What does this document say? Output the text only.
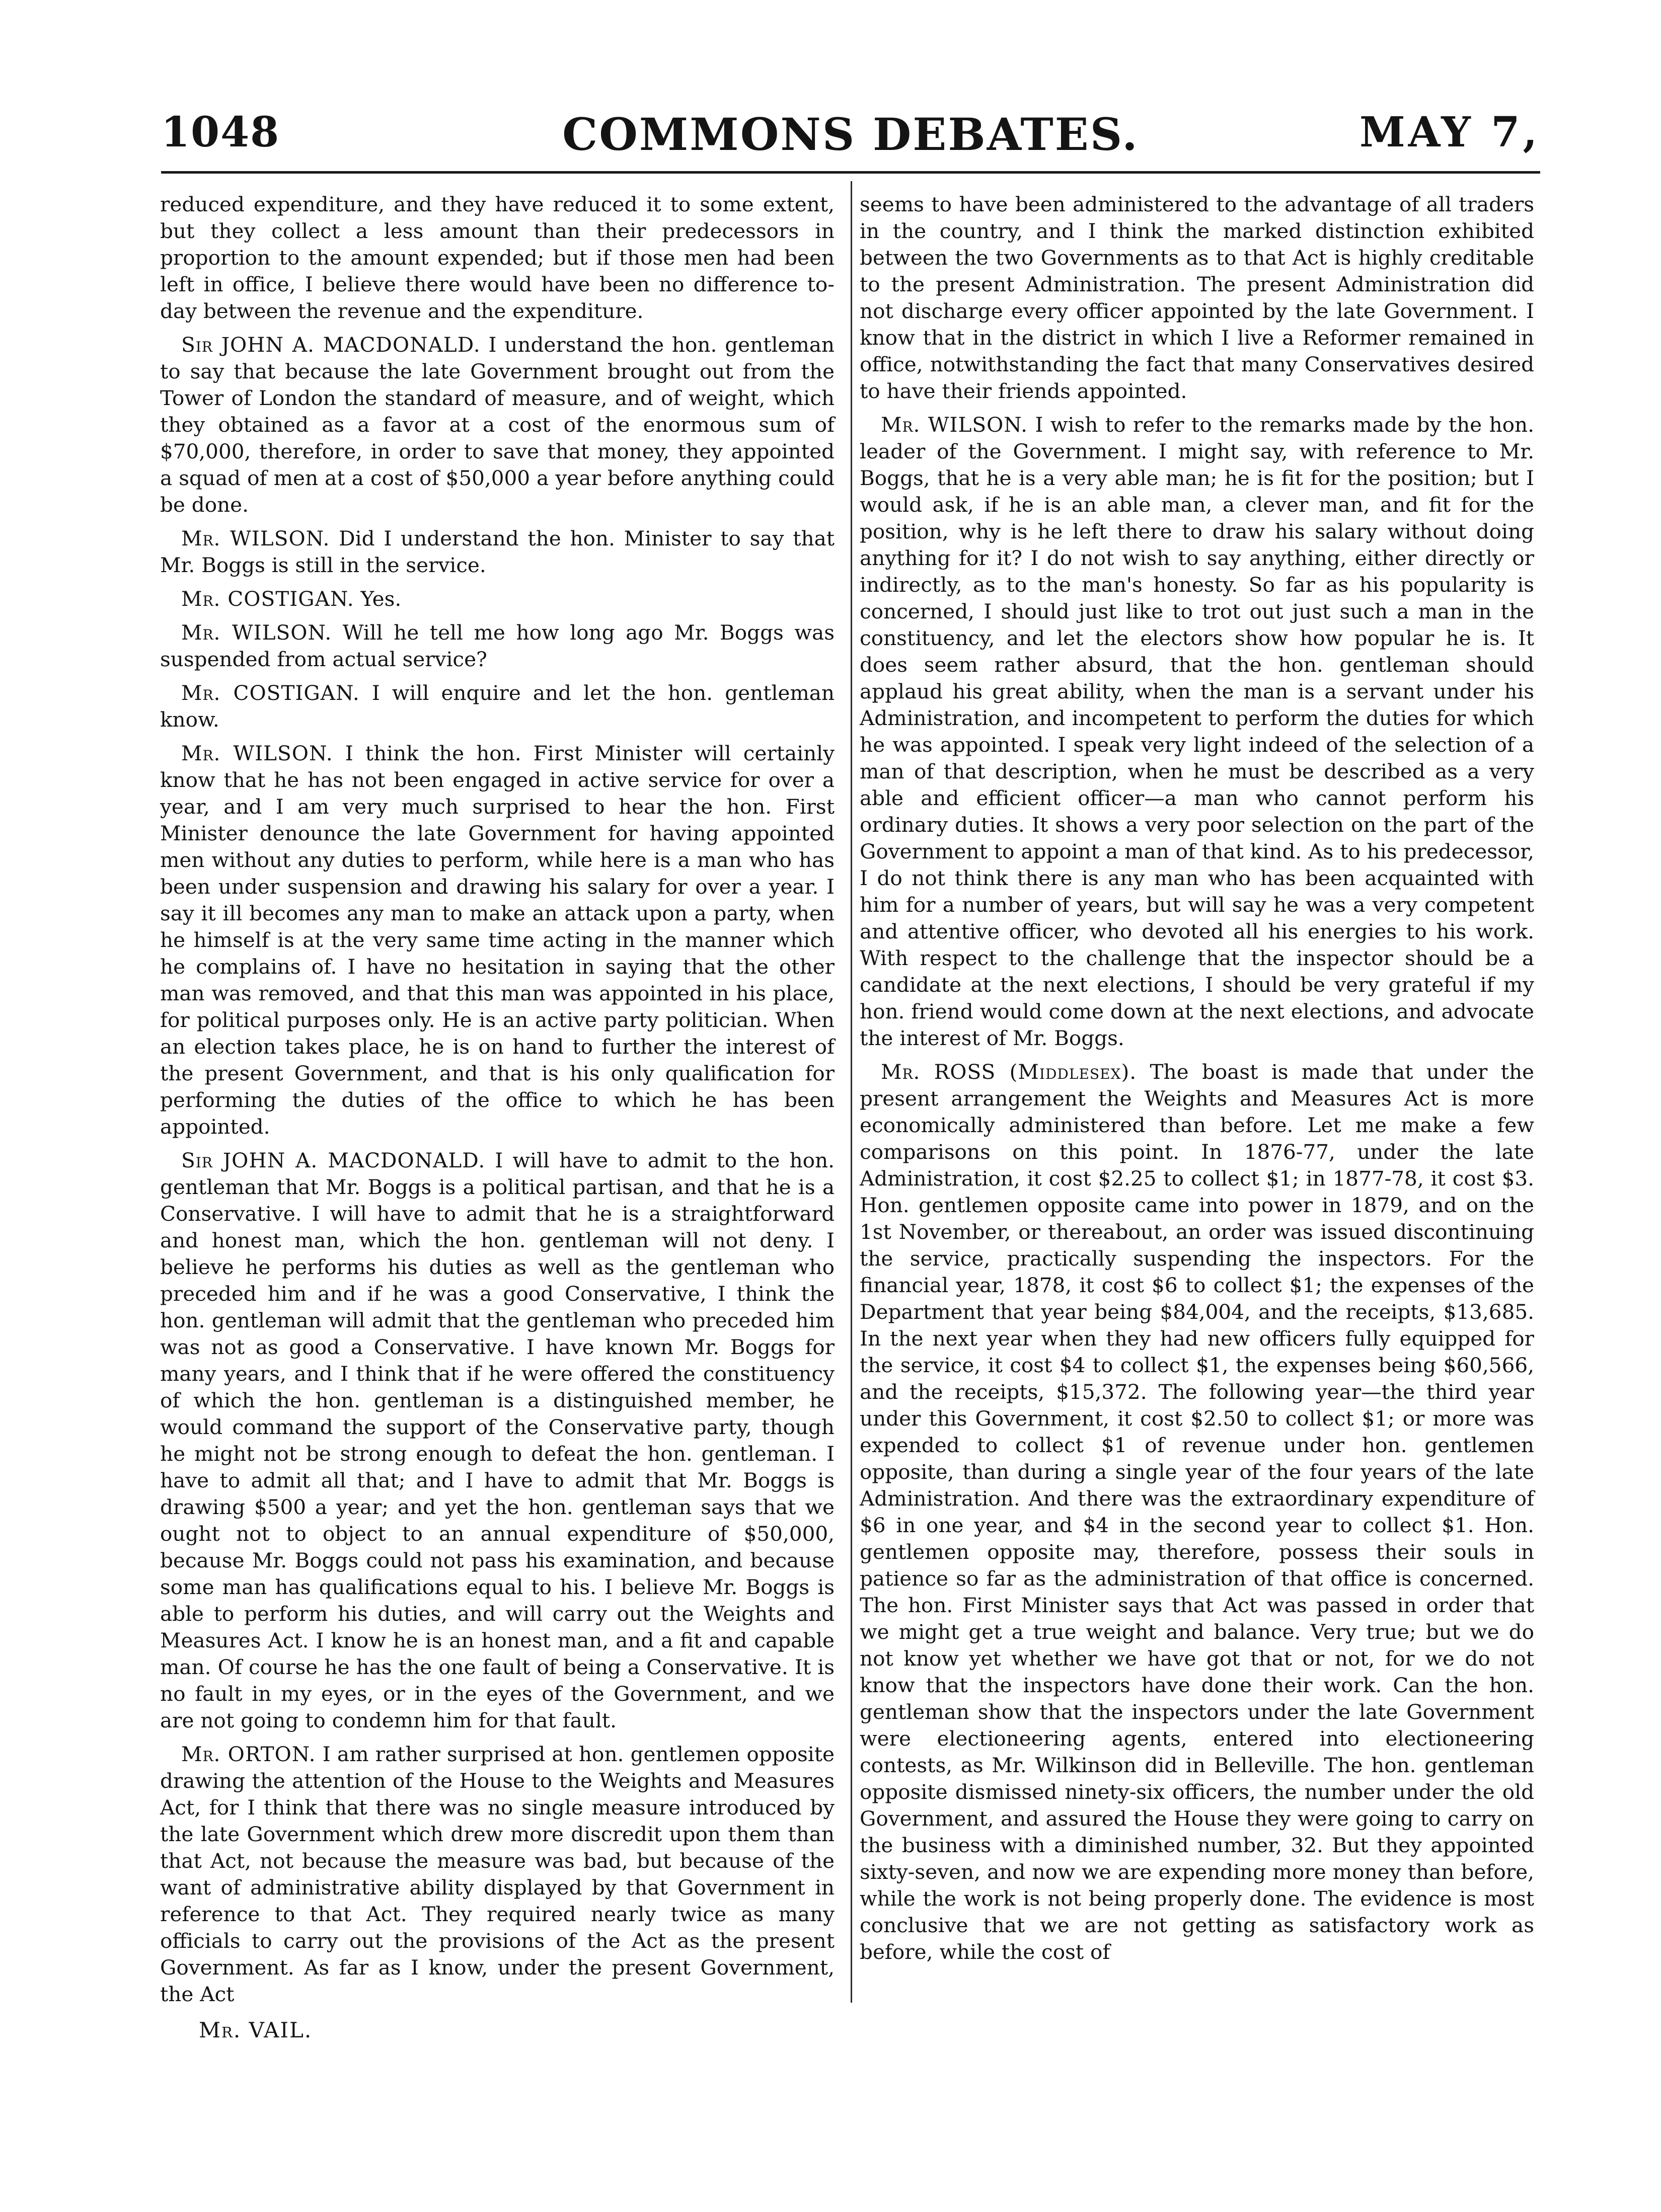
1048	COMMONS DEBATES.	MAY 7,

reduced expenditure, and they have reduced it to some extent, but they collect a less amount than their predecessors in proportion to the amount expended; but if those men had been left in office, I believe there would have been no difference to-day between the revenue and the expenditure.

Sir JOHN A. MACDONALD. I understand the hon. gentleman to say that because the late Government brought out from the Tower of London the standard of measure, and of weight, which they obtained as a favor at a cost of the enormous sum of $70,000, therefore, in order to save that money, they appointed a squad of men at a cost of $50,000 a year before anything could be done.

Mr. WILSON. Did I understand the hon. Minister to say that Mr. Boggs is still in the service.

Mr. COSTIGAN. Yes.

Mr. WILSON. Will he tell me how long ago Mr. Boggs was suspended from actual service?

Mr. COSTIGAN. I will enquire and let the hon. gentleman know.

Mr. WILSON. I think the hon. First Minister will certainly know that he has not been engaged in active service for over a year, and I am very much surprised to hear the hon. First Minister denounce the late Government for having appointed men without any duties to perform, while here is a man who has been under suspension and drawing his salary for over a year. I say it ill becomes any man to make an attack upon a party, when he himself is at the very same time acting in the manner which he complains of. I have no hesitation in saying that the other man was removed, and that this man was appointed in his place, for political purposes only. He is an active party politician. When an election takes place, he is on hand to further the interest of the present Government, and that is his only qualification for performing the duties of the office to which he has been appointed.

Sir JOHN A. MACDONALD. I will have to admit to the hon. gentleman that Mr. Boggs is a political partisan, and that he is a Conservative. I will have to admit that he is a straightforward and honest man, which the hon. gentleman will not deny. I believe he performs his duties as well as the gentleman who preceded him and if he was a good Conservative, I think the hon. gentleman will admit that the gentleman who preceded him was not as good a Conservative. I have known Mr. Boggs for many years, and I think that if he were offered the constituency of which the hon. gentleman is a distinguished member, he would command the support of the Conservative party, though he might not be strong enough to defeat the hon. gentleman. I have to admit all that; and I have to admit that Mr. Boggs is drawing $500 a year; and yet the hon. gentleman says that we ought not to object to an annual expenditure of $50,000, because Mr. Boggs could not pass his examination, and because some man has qualifications equal to his. I believe Mr. Boggs is able to perform his duties, and will carry out the Weights and Measures Act. I know he is an honest man, and a fit and capable man. Of course he has the one fault of being a Conservative. It is no fault in my eyes, or in the eyes of the Government, and we are not going to condemn him for that fault.

Mr. ORTON. I am rather surprised at hon. gentlemen opposite drawing the attention of the House to the Weights and Measures Act, for I think that there was no single measure introduced by the late Government which drew more discredit upon them than that Act, not because the measure was bad, but because of the want of administrative ability displayed by that Government in reference to that Act. They required nearly twice as many officials to carry out the provisions of the Act as the present Government. As far as I know, under the present Government, the Act

seems to have been administered to the advantage of all traders in the country, and I think the marked distinction exhibited between the two Governments as to that Act is highly creditable to the present Administration. The present Administration did not discharge every officer appointed by the late Government. I know that in the district in which I live a Reformer remained in office, notwithstanding the fact that many Conservatives desired to have their friends appointed.

Mr. WILSON. I wish to refer to the remarks made by the hon. leader of the Government. I might say, with reference to Mr. Boggs, that he is a very able man; he is fit for the position; but I would ask, if he is an able man, a clever man, and fit for the position, why is he left there to draw his salary without doing anything for it? I do not wish to say anything, either directly or indirectly, as to the man's honesty. So far as his popularity is concerned, I should just like to trot out just such a man in the constituency, and let the electors show how popular he is. It does seem rather absurd, that the hon. gentleman should applaud his great ability, when the man is a servant under his Administration, and incompetent to perform the duties for which he was appointed. I speak very light indeed of the selection of a man of that description, when he must be described as a very able and efficient officer—a man who cannot perform his ordinary duties. It shows a very poor selection on the part of the Government to appoint a man of that kind. As to his predecessor, I do not think there is any man who has been acquainted with him for a number of years, but will say he was a very competent and attentive officer, who devoted all his energies to his work. With respect to the challenge that the inspector should be a candidate at the next elections, I should be very grateful if my hon. friend would come down at the next elections, and advocate the interest of Mr. Boggs.

Mr. ROSS (Middlesex). The boast is made that under the present arrangement the Weights and Measures Act is more economically administered than before. Let me make a few comparisons on this point. In 1876-77, under the late Administration, it cost $2.25 to collect $1; in 1877-78, it cost $3. Hon. gentlemen opposite came into power in 1879, and on the 1st November, or thereabout, an order was issued discontinuing the service, practically suspending the inspectors. For the financial year, 1878, it cost $6 to collect $1; the expenses of the Department that year being $84,004, and the receipts, $13,685. In the next year when they had new officers fully equipped for the service, it cost $4 to collect $1, the expenses being $60,566, and the receipts, $15,372. The following year—the third year under this Government, it cost $2.50 to collect $1; or more was expended to collect $1 of revenue under hon. gentlemen opposite, than during a single year of the four years of the late Administration. And there was the extraordinary expenditure of $6 in one year, and $4 in the second year to collect $1. Hon. gentlemen opposite may, therefore, possess their souls in patience so far as the administration of that office is concerned. The hon. First Minister says that Act was passed in order that we might get a true weight and balance. Very true; but we do not know yet whether we have got that or not, for we do not know that the inspectors have done their work. Can the hon. gentleman show that the inspectors under the late Government were electioneering agents, entered into electioneering contests, as Mr. Wilkinson did in Belleville. The hon. gentleman opposite dismissed ninety-six officers, the number under the old Government, and assured the House they were going to carry on the business with a diminished number, 32. But they appointed sixty-seven, and now we are expending more money than before, while the work is not being properly done. The evidence is most conclusive that we are not getting as satisfactory work as before, while the cost of

Mr. VAIL.
